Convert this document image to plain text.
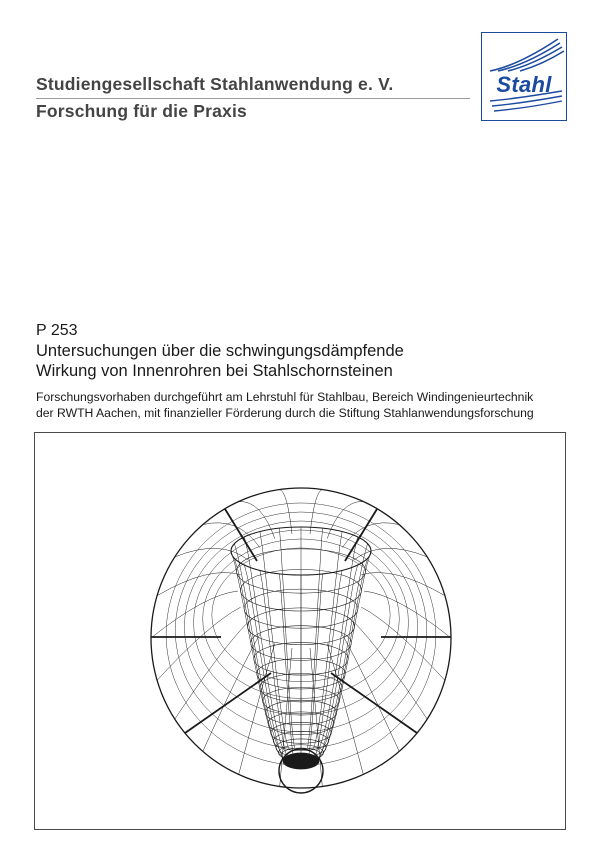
Studiengesellschaft Stahlanwendung e. V.
Forschung für die Praxis
Stahl
P 253
Untersuchungen über die schwingungsdämpfende
Wirkung von Innenrohren bei Stahlschornsteinen
Forschungsvorhaben durchgeführt am Lehrstuhl für Stahlbau, Bereich Windingenieurtechnik
der RWTH Aachen, mit finanzieller Förderung durch die Stiftung Stahlanwendungsforschung
